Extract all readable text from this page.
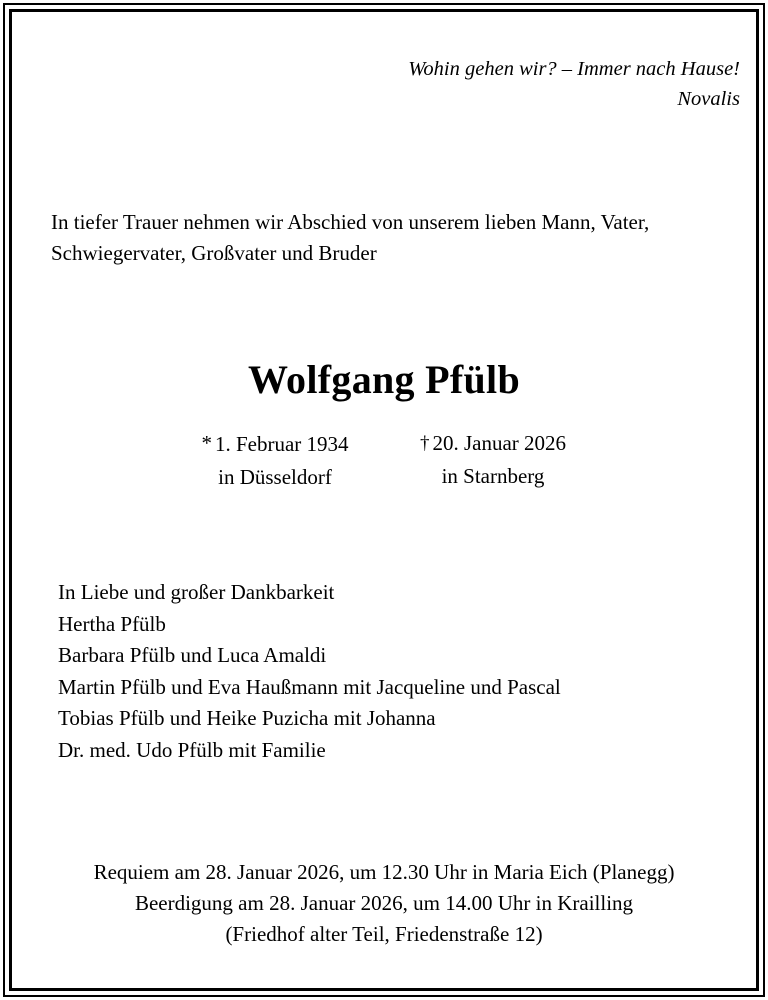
Wohin gehen wir? – Immer nach Hause!
Novalis
In tiefer Trauer nehmen wir Abschied von unserem lieben Mann, Vater,
Schwiegervater, Großvater und Bruder
Wolfgang Pfülb
* 1. Februar 1934
in Düsseldorf
† 20. Januar 2026
in Starnberg
In Liebe und großer Dankbarkeit
Hertha Pfülb
Barbara Pfülb und Luca Amaldi
Martin Pfülb und Eva Haußmann mit Jacqueline und Pascal
Tobias Pfülb und Heike Puzicha mit Johanna
Dr. med. Udo Pfülb mit Familie
Requiem am 28. Januar 2026, um 12.30 Uhr in Maria Eich (Planegg)
Beerdigung am 28. Januar 2026, um 14.00 Uhr in Krailling
(Friedhof alter Teil, Friedenstraße 12)
